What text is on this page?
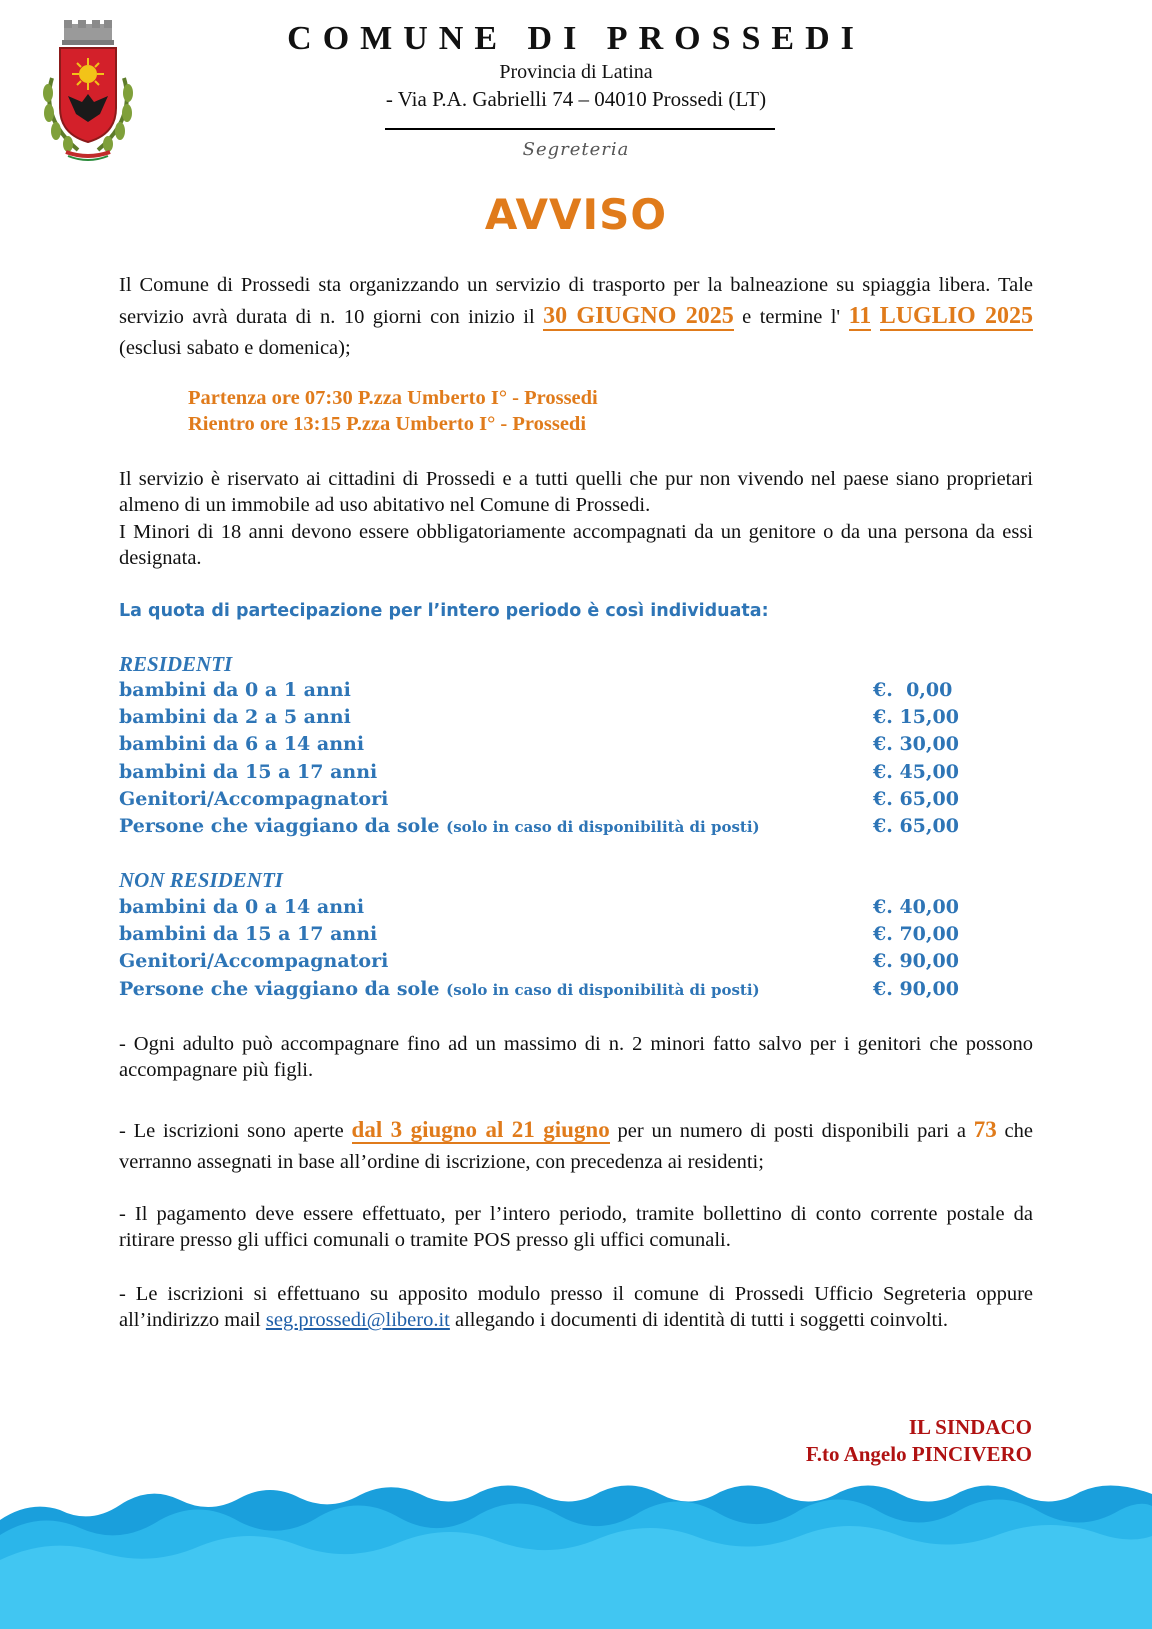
COMUNE DI PROSSEDI
Provincia di Latina
- Via P.A. Gabrielli 74 – 04010 Prossedi (LT)
Segreteria
AVVISO
Il Comune di Prossedi sta organizzando un servizio di trasporto per la balneazione su spiaggia libera. Tale servizio avrà durata di n. 10 giorni con inizio il 30 GIUGNO 2025 e termine l' 11 LUGLIO 2025 (esclusi sabato e domenica);
Partenza ore 07:30 P.zza Umberto I° - Prossedi
Rientro ore 13:15 P.zza Umberto I° - Prossedi
Il servizio è riservato ai cittadini di Prossedi e a tutti quelli che pur non vivendo nel paese siano proprietari almeno di un immobile ad uso abitativo nel Comune di Prossedi.
I Minori di 18 anni devono essere obbligatoriamente accompagnati da un genitore o da una persona da essi designata.
La quota di partecipazione per l’intero periodo è così individuata:
RESIDENTI
bambini da 0 a 1 anni	€.  0,00
bambini da 2 a 5 anni	€. 15,00
bambini da 6 a 14 anni	€. 30,00
bambini da 15 a 17 anni	€. 45,00
Genitori/Accompagnatori	€. 65,00
Persone che viaggiano da sole (solo in caso di disponibilità di posti)	€. 65,00
NON RESIDENTI
bambini da 0 a 14 anni	€. 40,00
bambini da 15 a 17 anni	€. 70,00
Genitori/Accompagnatori	€. 90,00
Persone che viaggiano da sole (solo in caso di disponibilità di posti)	€. 90,00
- Ogni adulto può accompagnare fino ad un massimo di n. 2 minori fatto salvo per i genitori che possono accompagnare più figli.
- Le iscrizioni sono aperte dal 3 giugno al 21 giugno per un numero di posti disponibili pari a 73 che verranno assegnati in base all’ordine di iscrizione, con precedenza ai residenti;
- Il pagamento deve essere effettuato, per l’intero periodo, tramite bollettino di conto corrente postale da ritirare presso gli uffici comunali o tramite POS presso gli uffici comunali.
- Le iscrizioni si effettuano su apposito modulo presso il comune di Prossedi Ufficio Segreteria oppure all’indirizzo mail seg.prossedi@libero.it allegando i documenti di identità di tutti i soggetti coinvolti.
IL SINDACO
F.to Angelo PINCIVERO
